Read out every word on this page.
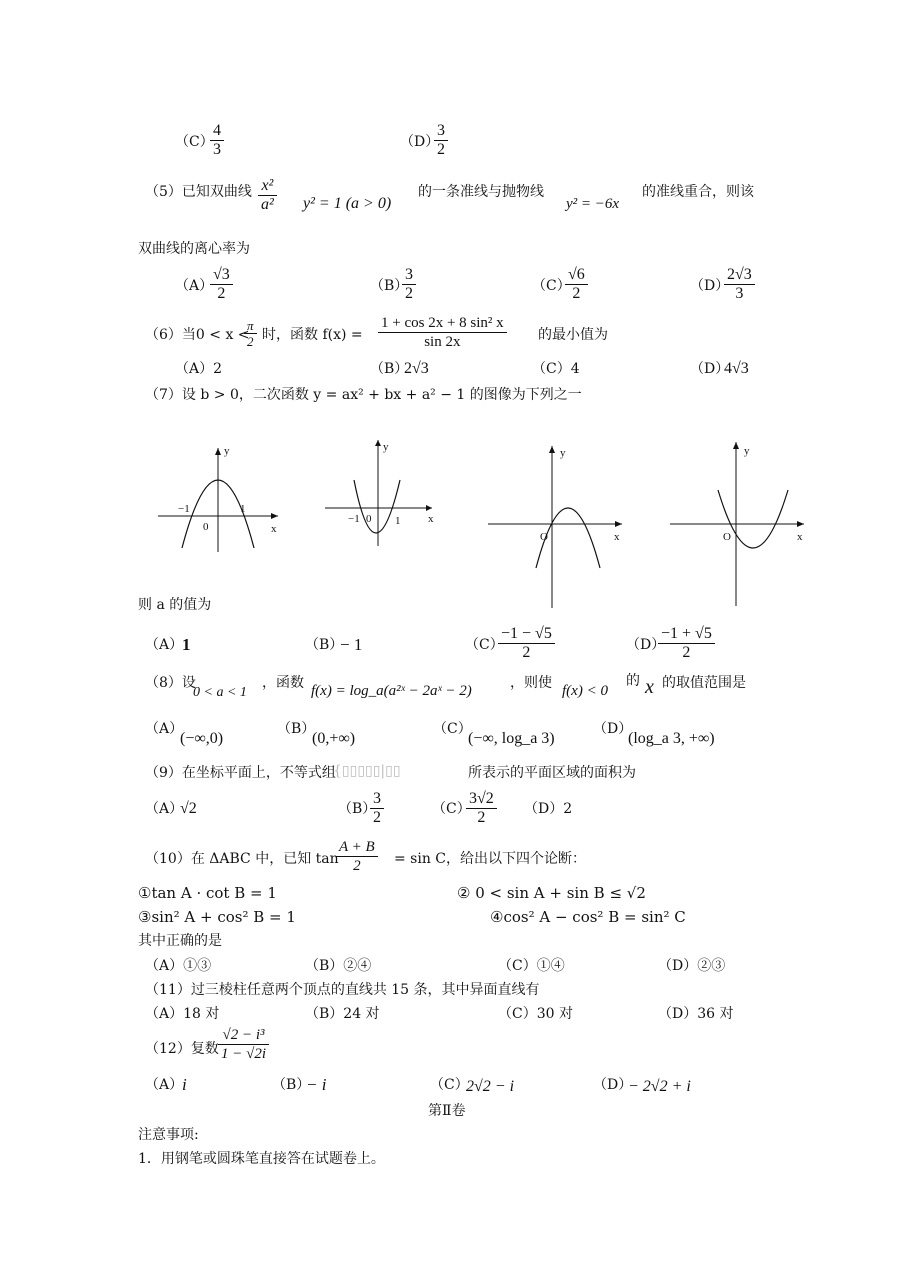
（C）
$\frac{4}{3}$	（D）
$\frac{3}{2}$
（5）已知双曲线 $\frac{\text{x²}}{\text{a²}} y^2 = 1$ (a > 0)
的一条准线与抛物线
y² = −6x
的准线重合，则该
双曲线的离心率为
（A）
$\frac{√3}{2}$	（B）
$\frac{3}{2}$	（C）
$\frac{√6}{2}$	（D）
$\frac{2√3}{3}$
（6）当0 < x <
$\frac{\pi}{2}$ 时，函数 $f(x) = \frac{\text{1 + cos 2x + 8 sin² x}}{\sin 2x}$ 的最小值为
（A）2	（B）
2√3	（C）4	（D）
4√3
（7）设 b > 0，二次函数 y = ax² + bx + a² − 1 的图像为下列之一
y
x
0
−1	1
y
x
−1 0 1
y
x
O
y
x
O
则 a 的值为
（A）
1	（B）
− 1	（C）
$\frac{-1 - √5}{2}$	（D）
$\frac{-1 + √5}{2}$
（8）设
0 < a < 1
，函数 f(x) = log_a(a²ˣ − 2aˣ − 2)	，则使 f(x) < 0
的 x 的取值范围是
（A）
(−∞,0)
（B）
(0,+∞)
（C）
(−∞, log_a 3)
（D）
(log_a 3, +∞)
（9）在坐标平面上，不等式组
{▯▯▯▯▯|▯▯	所表示的平面区域的面积为
（A）
√2	（B）
$\frac{3}{2}$	（C）
$\frac{3√2}{2} (D)2$
（10）在 ΔABC 中，已知 tan
$\frac{A + B}{2} = \sin C$，给出以下四个论断：
①tan A · cot B = 1	② 0 < sin A + sin B ≤ √2
③sin² A + cos² B = 1	④cos² A − cos² B = sin² C
其中正确的是
（A）①③	（B）②④	（C）①④	（D）②③
（11）过三棱柱任意两个顶点的直线共 15 条，其中异面直线有
（A）18 对	（B）24 对	（C）30 对	（D）36 对
（12）复数 $\frac{\text{√2 − i³}}{1 - √2i}$
（A）
i	（B）
− i	（C）
2√2 − i	（D）
− 2√2 + i
第Ⅱ卷
注意事项:
1．用钢笔或圆珠笔直接答在试题卷上。
